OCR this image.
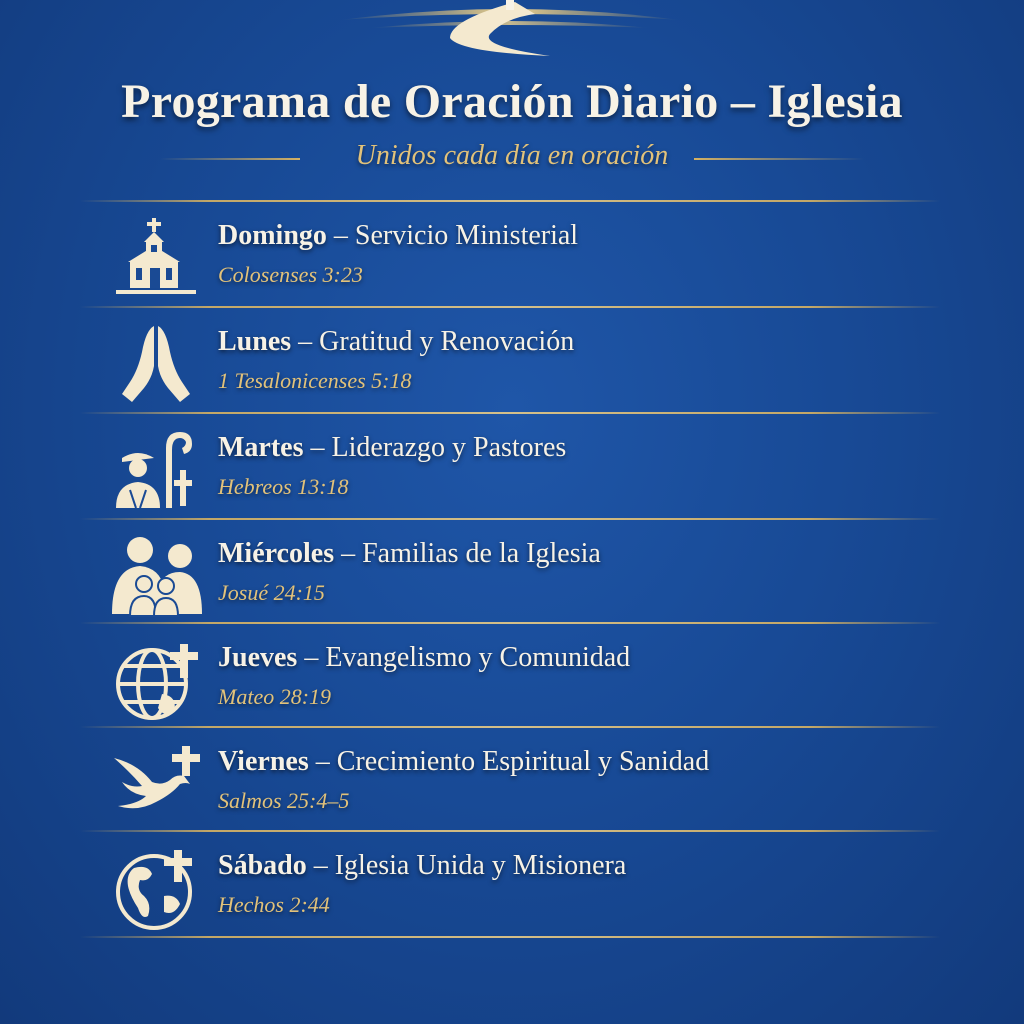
Programa de Oración Diario – Iglesia
Unidos cada día en oración
Domingo – Servicio Ministerial
Colosenses 3:23
Lunes – Gratitud y Renovación
1 Tesalonicenses 5:18
Martes – Liderazgo y Pastores
Hebreos 13:18
Miércoles – Familias de la Iglesia
Josué 24:15
Jueves – Evangelismo y Comunidad
Mateo 28:19
Viernes – Crecimiento Espiritual y Sanidad
Salmos 25:4–5
Sábado – Iglesia Unida y Misionera
Hechos 2:44
